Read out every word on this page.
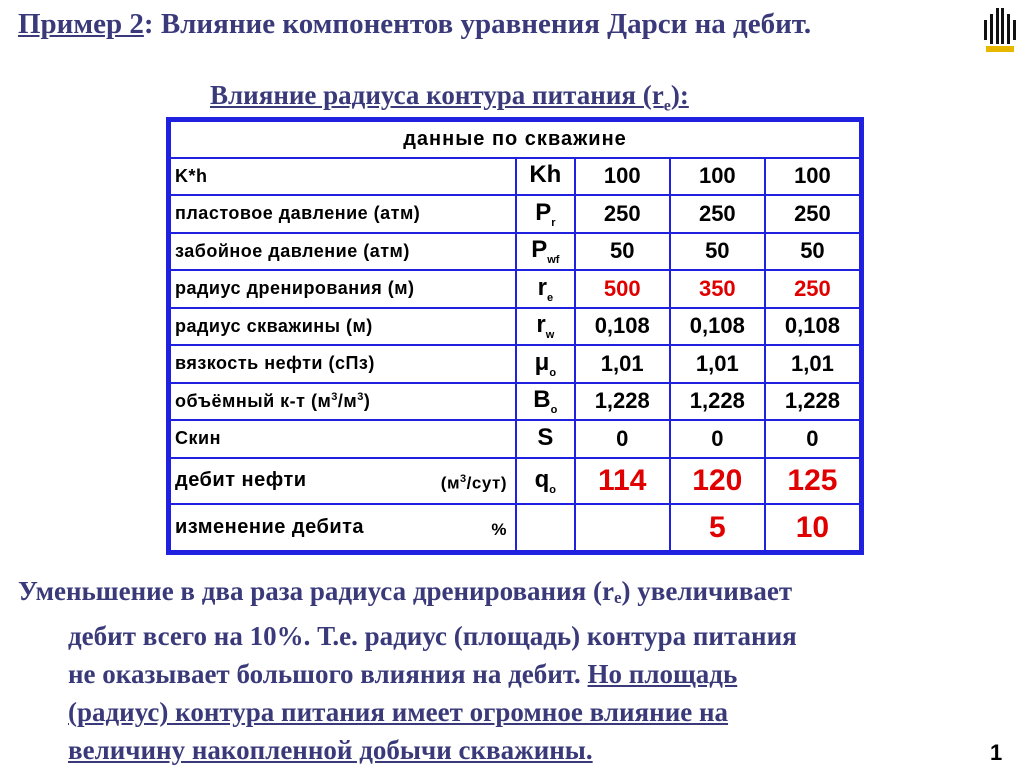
Пример 2: Влияние компонентов уравнения Дарси на дебит.
Влияние радиуса контура питания $(r_e)$:
данные по скважине				
K*h	Kh	100	100	100
пластовое давление (атм)	$P_r$	250	250	250
забойное давление (атм)	$P_{wf}$	50	50	50
радиус дренирования (м)	$r_e$	500	350	250
радиус скважины (м)	$r_w$	0,108	0,108	0,108
вязкость нефти (сПз)	$\mu_o$	1,01	1,01	1,01
объёмный к-т $(м^3/м^3)$	$B_o$	1,228	1,228	1,228
Скин	S	0	0	0
дебит нефти $(м^3/сут)$	$q_o$	114	120	125
изменение дебита %			5	10
Уменьшение в два раза радиуса дренирования (re) увеличивает
дебит всего на 10%. Т.е. радиус (площадь) контура питания
не оказывает большого влияния на дебит. Но площадь
(радиус) контура питания имеет огромное влияние на
величину накопленной добычи скважины.	1
